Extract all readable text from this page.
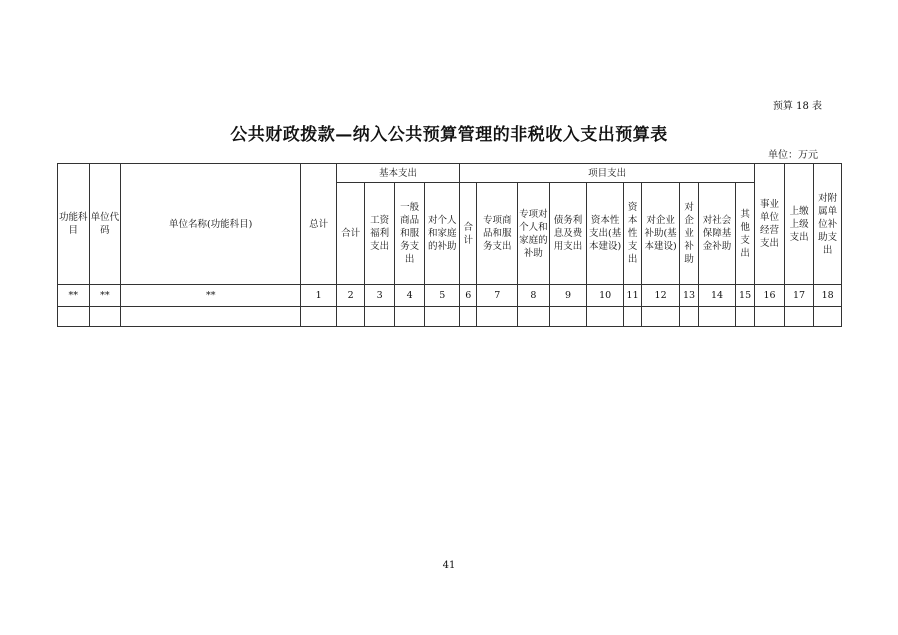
预算 18 表
公共财政拨款—纳入公共预算管理的非税收入支出预算表
单位：万元
功能科目	单位代码	单位名称(功能科目)	总计	基本支出				项目支出										事业单位经营支出	上缴上级支出	对附属单位补助支出
				合计	工资福利支出	一般商品和服务支出	对个人和家庭的补助	合计	专项商品和服务支出	专项对个人和家庭的补助	债务利息及费用支出	资本性支出(基本建设)	资本性支出	对企业补助(基本建设)	对企业补助	对社会保障基金补助	其他支出			
**	**	**	1	2	3	4	5	6	7	8	9	10	11	12	13	14	15	16	17	18

41
